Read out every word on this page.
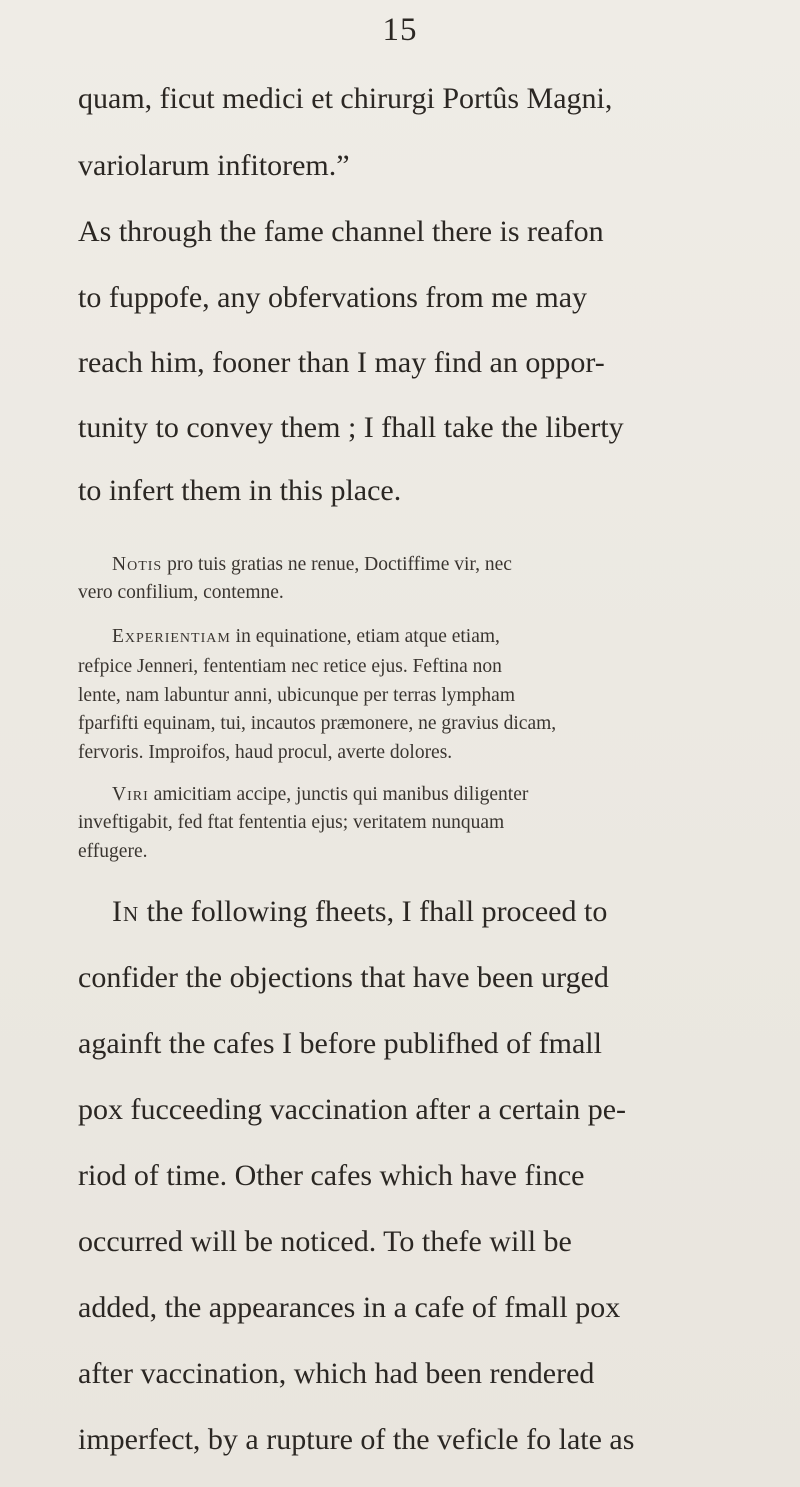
15
quam, ficut medici et chirurgi Portûs Magni,
variolarum infitorem.”
As through the fame channel there is reafon
to fuppofe, any obfervations from me may
reach him, fooner than I may find an oppor-
tunity to convey them ; I fhall take the liberty
to infert them in this place.
Notis pro tuis gratias ne renue, Doctiffime vir, nec
vero confilium, contemne.
Experientiam in equinatione, etiam atque etiam,
refpice Jenneri, fententiam nec retice ejus. Feftina non
lente, nam labuntur anni, ubicunque per terras lympham
fparfifti equinam, tui, incautos præmonere, ne gravius dicam,
fervoris. Improifos, haud procul, averte dolores.
Viri amicitiam accipe, junctis qui manibus diligenter
inveftigabit, fed ftat fententia ejus; veritatem nunquam
effugere.
In the following fheets, I fhall proceed to
confider the objections that have been urged
againft the cafes I before publifhed of fmall
pox fucceeding vaccination after a certain pe-
riod of time. Other cafes which have fince
occurred will be noticed. To thefe will be
added, the appearances in a cafe of fmall pox
after vaccination, which had been rendered
imperfect, by a rupture of the veficle fo late as
